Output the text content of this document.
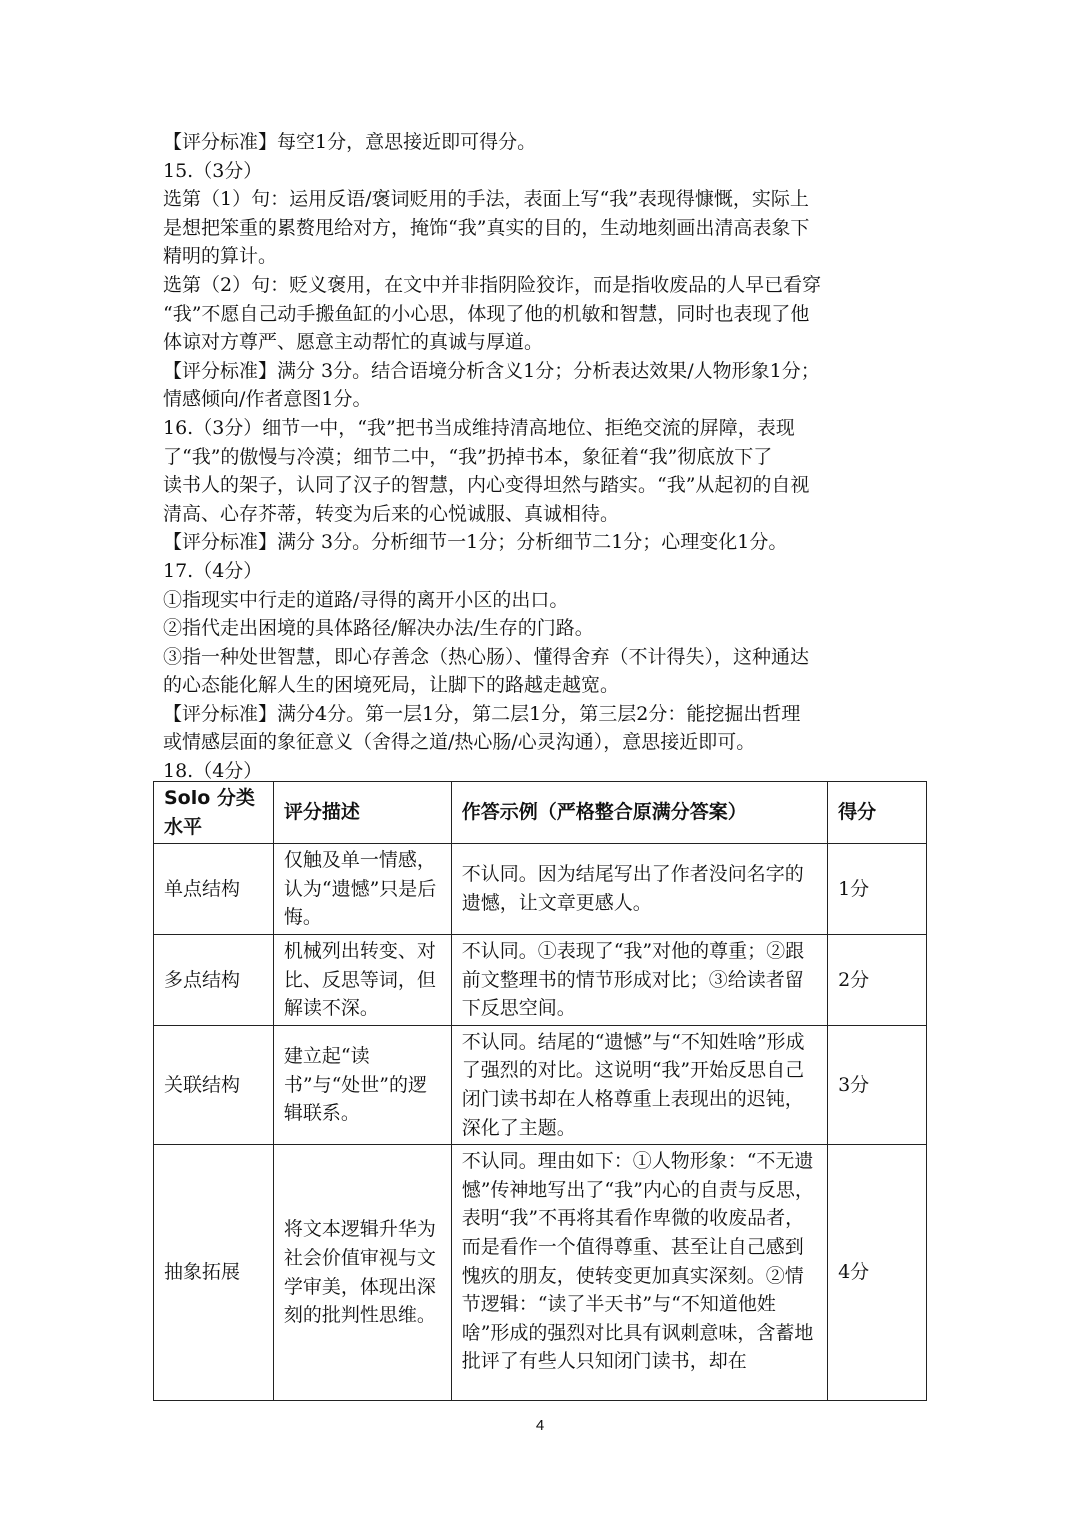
【评分标准】每空1分，意思接近即可得分。

15.（3分）

选第（1）句：运用反语/褒词贬用的手法，表面上写“我”表现得慷慨，实际上

是想把笨重的累赘甩给对方，掩饰“我”真实的目的，生动地刻画出清高表象下

精明的算计。

选第（2）句：贬义褒用，在文中并非指阴险狡诈，而是指收废品的人早已看穿

“我”不愿自己动手搬鱼缸的小心思，体现了他的机敏和智慧，同时也表现了他

体谅对方尊严、愿意主动帮忙的真诚与厚道。

【评分标准】满分 3分。结合语境分析含义1分；分析表达效果/人物形象1分；

情感倾向/作者意图1分。

16.（3分）细节一中，“我”把书当成维持清高地位、拒绝交流的屏障，表现

了“我”的傲慢与冷漠；细节二中，“我”扔掉书本，象征着“我”彻底放下了

读书人的架子，认同了汉子的智慧，内心变得坦然与踏实。“我”从起初的自视

清高、心存芥蒂，转变为后来的心悦诚服、真诚相待。

【评分标准】满分 3分。分析细节一1分；分析细节二1分；心理变化1分。

17.（4分）

①指现实中行走的道路/寻得的离开小区的出口。

②指代走出困境的具体路径/解决办法/生存的门路。

③指一种处世智慧，即心存善念（热心肠）、懂得舍弃（不计得失），这种通达

的心态能化解人生的困境死局，让脚下的路越走越宽。

【评分标准】满分4分。第一层1分，第二层1分，第三层2分：能挖掘出哲理

或情感层面的象征意义（舍得之道/热心肠/心灵沟通），意思接近即可。

18.（4分）

Solo 分类水平	评分描述	作答示例（严格整合原满分答案）	得分
单点结构	仅触及单一情感，认为“遗憾”只是后悔。	不认同。因为结尾写出了作者没问名字的遗憾，让文章更感人。	1分
多点结构	机械列出转变、对比、反思等词，但解读不深。	不认同。①表现了“我”对他的尊重；②跟前文整理书的情节形成对比；③给读者留下反思空间。	2分
关联结构	建立起“读书”与“处世”的逻辑联系。	不认同。结尾的“遗憾”与“不知姓啥”形成了强烈的对比。这说明“我”开始反思自己闭门读书却在人格尊重上表现出的迟钝，深化了主题。	3分
抽象拓展	将文本逻辑升华为社会价值审视与文学审美，体现出深刻的批判性思维。	不认同。理由如下：①人物形象：“不无遗憾”传神地写出了“我”内心的自责与反思，表明“我”不再将其看作卑微的收废品者，而是看作一个值得尊重、甚至让自己感到愧疚的朋友，使转变更加真实深刻。②情节逻辑：“读了半天书”与“不知道他姓啥”形成的强烈对比具有讽刺意味，含蓄地批评了有些人只知闭门读书，却在	4分
4
